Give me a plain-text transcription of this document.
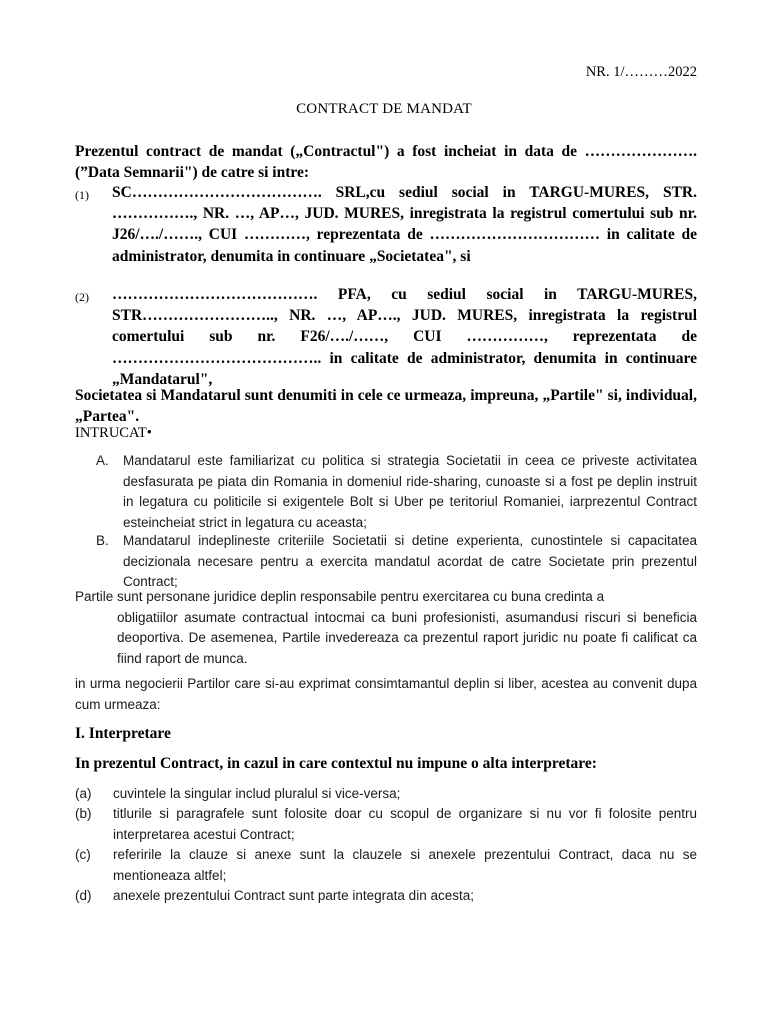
NR. 1/………2022
CONTRACT DE MANDAT
Prezentul contract de mandat („Contractul") a fost incheiat in data de ………………….(”Data Semnarii") de catre si intre:
(1) SC………………………………. SRL,cu sediul social in TARGU-MURES, STR. ……………., NR. …, AP…, JUD. MURES, inregistrata la registrul comertului sub nr. J26/…./……., CUI …………, reprezentata de …………………………… in calitate de administrator, denumita in continuare „Societatea", si
(2) …………………………………. PFA, cu sediul social in TARGU-MURES, STR…………………….., NR. …, AP…., JUD. MURES, inregistrata la registrul comertului sub nr. F26/…./……, CUI ……………, reprezentata de ………………………………….. in calitate de administrator, denumita in continuare „Mandatarul",
Societatea si Mandatarul sunt denumiti in cele ce urmeaza, impreuna, „Partile" si, individual, „Partea".
INTRUCAT•
A. Mandatarul este familiarizat cu politica si strategia Societatii in ceea ce priveste activitatea desfasurata pe piata din Romania in domeniul ride-sharing, cunoaste si a fost pe deplin instruit in legatura cu politicile si exigentele Bolt si Uber pe teritoriul Romaniei, iarprezentul Contract esteincheiat strict in legatura cu aceasta;
B. Mandatarul indeplineste criteriile Societatii si detine experienta, cunostintele si capacitatea decizionala necesare pentru a exercita mandatul acordat de catre Societate prin prezentul Contract;
Partile sunt personane juridice deplin responsabile pentru exercitarea cu buna credinta a
obligatiilor asumate contractual intocmai ca buni profesionisti, asumandusi riscuri si beneficia deoportiva. De asemenea, Partile invedereaza ca prezentul raport juridic nu poate fi calificat ca fiind raport de munca.
in urma negocierii Partilor care si-au exprimat consimtamantul deplin si liber, acestea au convenit dupa cum urmeaza:
I. Interpretare
In prezentul Contract, in cazul in care contextul nu impune o alta interpretare:
(a) cuvintele la singular includ pluralul si vice-versa;
(b) titlurile si paragrafele sunt folosite doar cu scopul de organizare si nu vor fi folosite pentru interpretarea acestui Contract;
(c) referirile la clauze si anexe sunt la clauzele si anexele prezentului Contract, daca nu se mentioneaza altfel;
(d) anexele prezentului Contract sunt parte integrata din acesta;
